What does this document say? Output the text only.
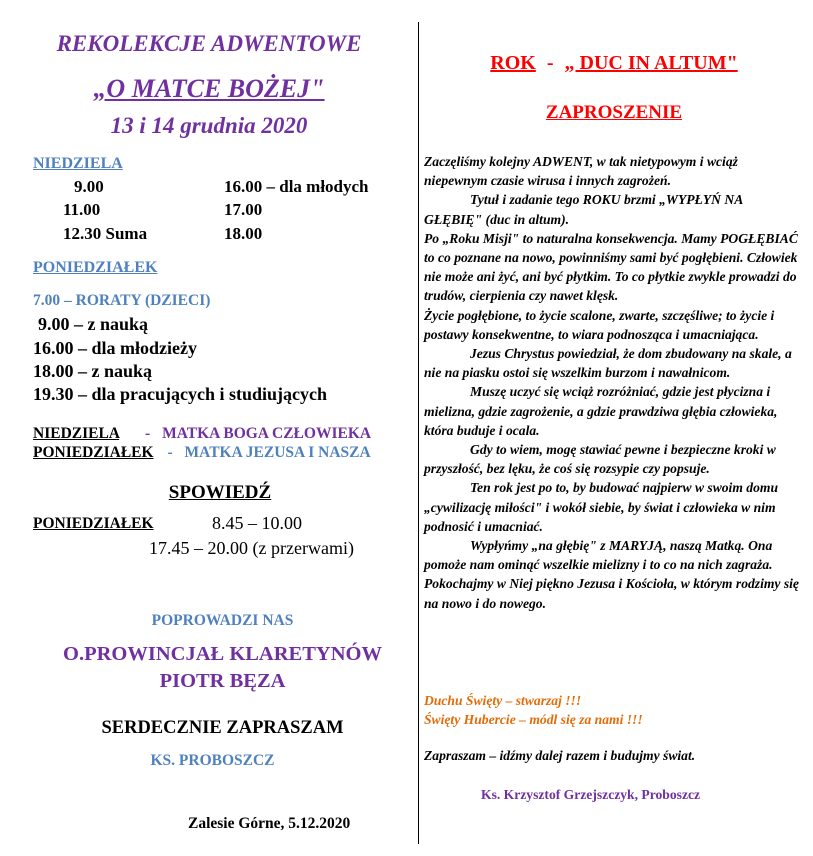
REKOLEKCJE ADWENTOWE
„O MATCE BOŻEJ"
13 i 14 grudnia 2020
NIEDZIELA
9.00
11.00
12.30 Suma
16.00 – dla młodych
17.00
18.00
PONIEDZIAŁEK
7.00 – RORATY (DZIECI)
9.00 – z nauką
16.00 – dla młodzieży
18.00 – z nauką
19.30 – dla pracujących i studiujących
NIEDZIELA - MATKA BOGA CZŁOWIEKA
PONIEDZIAŁEK - MATKA JEZUSA I NASZA
SPOWIEDŹ
PONIEDZIAŁEK	8.45 – 10.00
17.45 – 20.00 (z przerwami)
POPROWADZI NAS
O.PROWINCJAŁ KLARETYNÓW
PIOTR BĘZA
SERDECZNIE ZAPRASZAM
KS. PROBOSZCZ
Zalesie Górne, 5.12.2020
ROK - „ DUC IN ALTUM"
ZAPROSZENIE

Zaczęliśmy kolejny ADWENT, w tak nietypowym i wciąż niepewnym czasie wirusa i innych zagrożeń.

Tytuł i zadanie tego ROKU brzmi „WYPŁYŃ NA GŁĘBIĘ" (duc in altum).

Po „Roku Misji" to naturalna konsekwencja. Mamy POGŁĘBIAĆ to co poznane na nowo, powinniśmy sami być pogłębieni. Człowiek nie może ani żyć, ani być płytkim. To co płytkie zwykle prowadzi do trudów, cierpienia czy nawet klęsk.

Życie pogłębione, to życie scalone, zwarte, szczęśliwe; to życie i postawy konsekwentne, to wiara podnosząca i umacniająca.

Jezus Chrystus powiedział, że dom zbudowany na skale, a nie na piasku ostoi się wszelkim burzom i nawałnicom.

Muszę uczyć się wciąż rozróżniać, gdzie jest płycizna i mielizna, gdzie zagrożenie, a gdzie prawdziwa głębia człowieka, która buduje i ocala.

Gdy to wiem, mogę stawiać pewne i bezpieczne kroki w przyszłość, bez lęku, że coś się rozsypie czy popsuje.

Ten rok jest po to, by budować najpierw w swoim domu „cywilizację miłości" i wokół siebie, by świat i człowieka w nim podnosić i umacniać.

Wypłyńmy „na głębię" z MARYJĄ, naszą Matką. Ona pomoże nam ominąć wszelkie mielizny i to co na nich zagraża. Pokochajmy w Niej piękno Jezusa i Kościoła, w którym rodzimy się na nowo i do nowego.

Duchu Święty – stwarzaj !!!
Święty Hubercie – módl się za nami !!!
Zapraszam – idźmy dalej razem i budujmy świat.
Ks. Krzysztof Grzejszczyk, Proboszcz
